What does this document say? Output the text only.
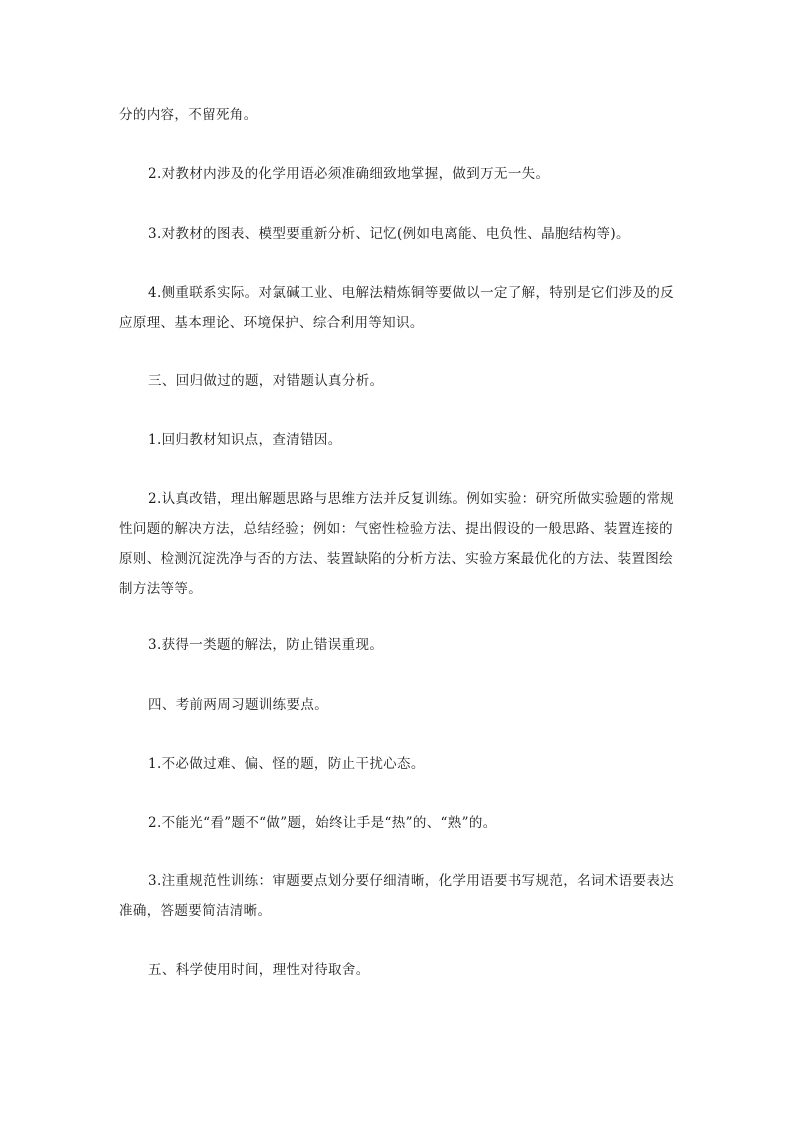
分的内容，不留死角。

2.对教材内涉及的化学用语必须准确细致地掌握，做到万无一失。

3.对教材的图表、模型要重新分析、记忆(例如电离能、电负性、晶胞结构等)。

4.侧重联系实际。对氯碱工业、电解法精炼铜等要做以一定了解，特别是它们涉及的反
应原理、基本理论、环境保护、综合利用等知识。

三、回归做过的题，对错题认真分析。

1.回归教材知识点，查清错因。

2.认真改错，理出解题思路与思维方法并反复训练。例如实验：研究所做实验题的常规
性问题的解决方法，总结经验；例如：气密性检验方法、提出假设的一般思路、装置连接的
原则、检测沉淀洗净与否的方法、装置缺陷的分析方法、实验方案最优化的方法、装置图绘
制方法等等。

3.获得一类题的解法，防止错误重现。

四、考前两周习题训练要点。

1.不必做过难、偏、怪的题，防止干扰心态。

2.不能光“看”题不“做”题，始终让手是“热”的、“熟”的。

3.注重规范性训练：审题要点划分要仔细清晰，化学用语要书写规范，名词术语要表达
准确，答题要简洁清晰。

五、科学使用时间，理性对待取舍。
